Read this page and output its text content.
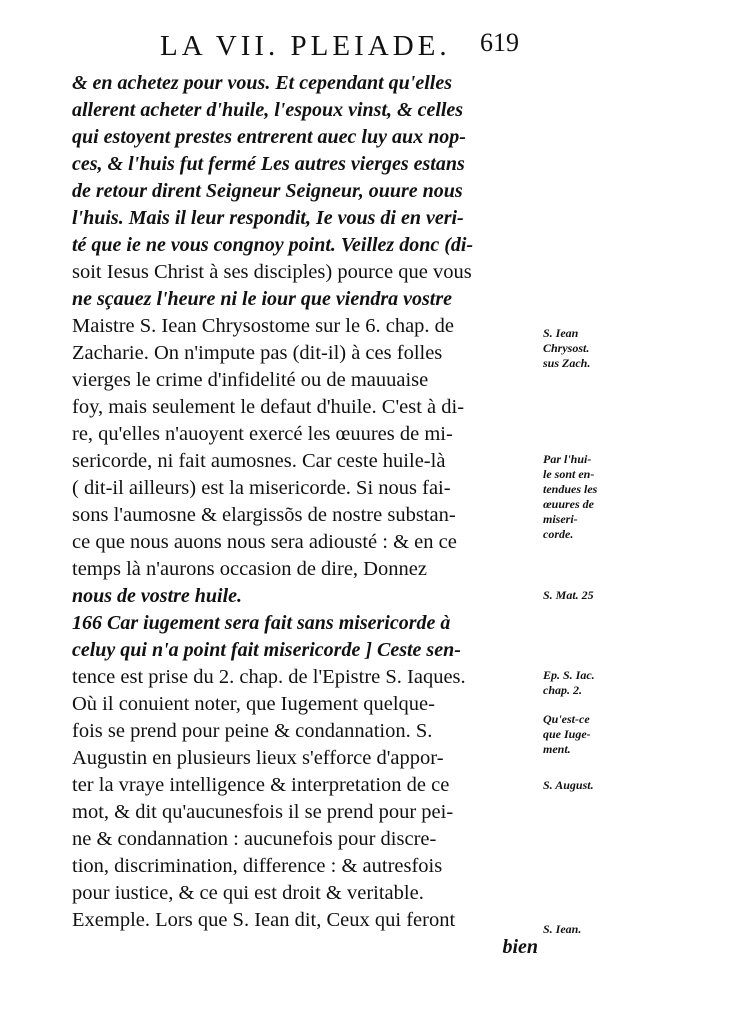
LA VII. PLEIADE. 619
& en achetez pour vous. Et cependant qu'elles
allerent acheter d'huile, l'espoux vinst, & celles
qui estoyent prestes entrerent auec luy aux nop-
ces, & l'huis fut fermé Les autres vierges estans
de retour dirent Seigneur Seigneur, ouure nous
l'huis. Mais il leur respondit, Ie vous di en veri-
té que ie ne vous congnoy point. Veillez donc (di-
soit Iesus Christ à ses disciples) pource que vous
ne sçauez l'heure ni le iour que viendra vostre
Maistre S. Iean Chrysostome sur le 6. chap. de
Zacharie. On n'impute pas (dit-il) à ces folles
vierges le crime d'infidelité ou de mauuaise
foy, mais seulement le defaut d'huile. C'est à di-
re, qu'elles n'auoyent exercé les œuures de mi-
sericorde, ni fait aumosnes. Car ceste huile-là
( dit-il ailleurs) est la misericorde. Si nous fai-
sons l'aumosne & elargissõs de nostre substan-
ce que nous auons nous sera adiousté : & en ce
temps là n'aurons occasion de dire, Donnez
nous de vostre huile.
166 Car iugement sera fait sans misericorde à
celuy qui n'a point fait misericorde ] Ceste sen-
tence est prise du 2. chap. de l'Epistre S. Iaques.
Où il conuient noter, que Iugement quelque-
fois se prend pour peine & condannation. S.
Augustin en plusieurs lieux s'efforce d'appor-
ter la vraye intelligence & interpretation de ce
mot, & dit qu'aucunesfois il se prend pour pei-
ne & condannation : aucunefois pour discre-
tion, discrimination, difference : & autresfois
pour iustice, & ce qui est droit & veritable.
Exemple. Lors que S. Iean dit, Ceux qui feront
bien
S. Iean
Chrysost.
sus Zach.
Par l'hui-
le sont en-
tendues les
œuures de
miseri-
corde.
S. Mat. 25
Ep. S. Iac.
chap. 2.
Qu'est-ce
que Iuge-
ment.
S. August.
S. Iean.
